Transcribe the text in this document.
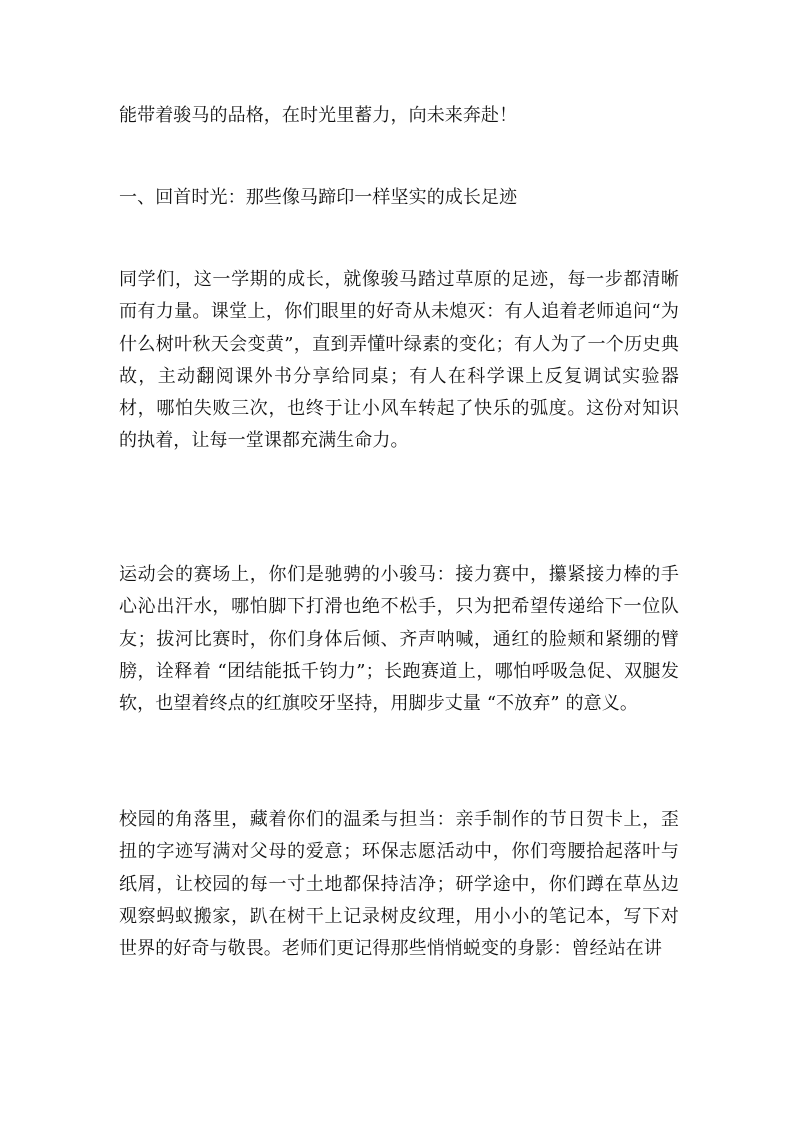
能带着骏马的品格，在时光里蓄力，向未来奔赴！
一、回首时光：那些像马蹄印一样坚实的成长足迹
同学们，这一学期的成长，就像骏马踏过草原的足迹，每一步都清晰而有力量。课堂上，你们眼里的好奇从未熄灭：有人追着老师追问“为什么树叶秋天会变黄”，直到弄懂叶绿素的变化；有人为了一个历史典故，主动翻阅课外书分享给同桌；有人在科学课上反复调试实验器材，哪怕失败三次，也终于让小风车转起了快乐的弧度。这份对知识的执着，让每一堂课都充满生命力。
运动会的赛场上，你们是驰骋的小骏马：接力赛中，攥紧接力棒的手心沁出汗水，哪怕脚下打滑也绝不松手，只为把希望传递给下一位队友；拔河比赛时，你们身体后倾、齐声呐喊，通红的脸颊和紧绷的臂膀，诠释着 “团结能抵千钧力”；长跑赛道上，哪怕呼吸急促、双腿发软，也望着终点的红旗咬牙坚持，用脚步丈量 “不放弃” 的意义。
校园的角落里，藏着你们的温柔与担当：亲手制作的节日贺卡上，歪扭的字迹写满对父母的爱意；环保志愿活动中，你们弯腰拾起落叶与纸屑，让校园的每一寸土地都保持洁净；研学途中，你们蹲在草丛边观察蚂蚁搬家，趴在树干上记录树皮纹理，用小小的笔记本，写下对世界的好奇与敬畏。老师们更记得那些悄悄蜕变的身影：曾经站在讲
